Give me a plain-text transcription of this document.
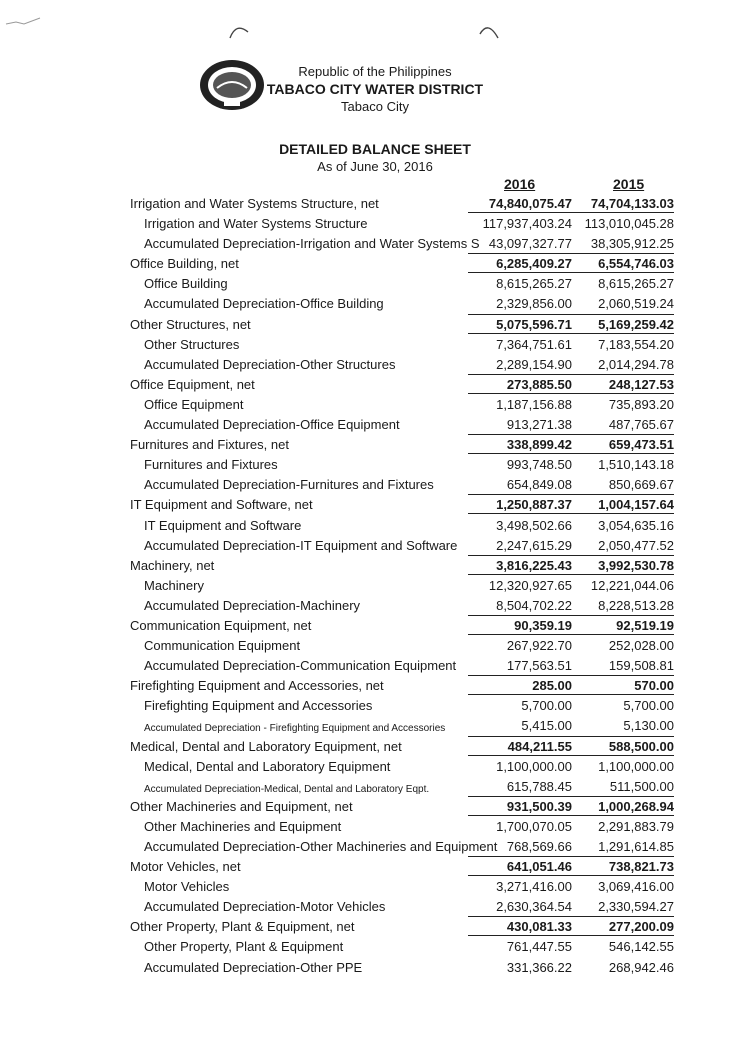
Republic of the Philippines
TABACO CITY WATER DISTRICT
Tabaco City
DETAILED BALANCE SHEET
As of June 30, 2016
2016	2015
Irrigation and Water Systems Structure, net	74,840,075.47	74,704,133.03
Irrigation and Water Systems Structure	117,937,403.24 113,010,045.28
Accumulated Depreciation-Irrigation and Water Systems S 43,097,327.77	38,305,912.25
Office Building, net	6,285,409.27	6,554,746.03
Office Building	8,615,265.27	8,615,265.27
Accumulated Depreciation-Office Building	2,329,856.00	2,060,519.24
Other Structures, net	5,075,596.71	5,169,259.42
Other Structures	7,364,751.61	7,183,554.20
Accumulated Depreciation-Other Structures	2,289,154.90	2,014,294.78
Office Equipment, net	273,885.50	248,127.53
Office Equipment	1,187,156.88	735,893.20
Accumulated Depreciation-Office Equipment	913,271.38	487,765.67
Furnitures and Fixtures, net	338,899.42	659,473.51
Furnitures and Fixtures	993,748.50	1,510,143.18
Accumulated Depreciation-Furnitures and Fixtures	654,849.08	850,669.67
IT Equipment and Software, net	1,250,887.37	1,004,157.64
IT Equipment and Software	3,498,502.66	3,054,635.16
Accumulated Depreciation-IT Equipment and Software	2,247,615.29	2,050,477.52
Machinery, net	3,816,225.43	3,992,530.78
Machinery	12,320,927.65	12,221,044.06
Accumulated Depreciation-Machinery	8,504,702.22	8,228,513.28
Communication Equipment, net	90,359.19	92,519.19
Communication Equipment	267,922.70	252,028.00
Accumulated Depreciation-Communication Equipment	177,563.51	159,508.81
Firefighting Equipment and Accessories, net	285.00	570.00
Firefighting Equipment and Accessories	5,700.00	5,700.00
Accumulated Depreciation - Firefighting Equipment and Accessories	5,415.00	5,130.00
Medical, Dental and Laboratory Equipment, net	484,211.55	588,500.00
Medical, Dental and Laboratory Equipment	1,100,000.00	1,100,000.00
Accumulated Depreciation-Medical, Dental and Laboratory Eqpt.	615,788.45	511,500.00
Other Machineries and Equipment, net	931,500.39	1,000,268.94
Other Machineries and Equipment	1,700,070.05	2,291,883.79
Accumulated Depreciation-Other Machineries and Equipment 768,569.66	1,291,614.85
Motor Vehicles, net	641,051.46	738,821.73
Motor Vehicles	3,271,416.00	3,069,416.00
Accumulated Depreciation-Motor Vehicles	2,630,364.54	2,330,594.27
Other Property, Plant & Equipment, net	430,081.33	277,200.09
Other Property, Plant & Equipment	761,447.55	546,142.55
Accumulated Depreciation-Other PPE	331,366.22	268,942.46
